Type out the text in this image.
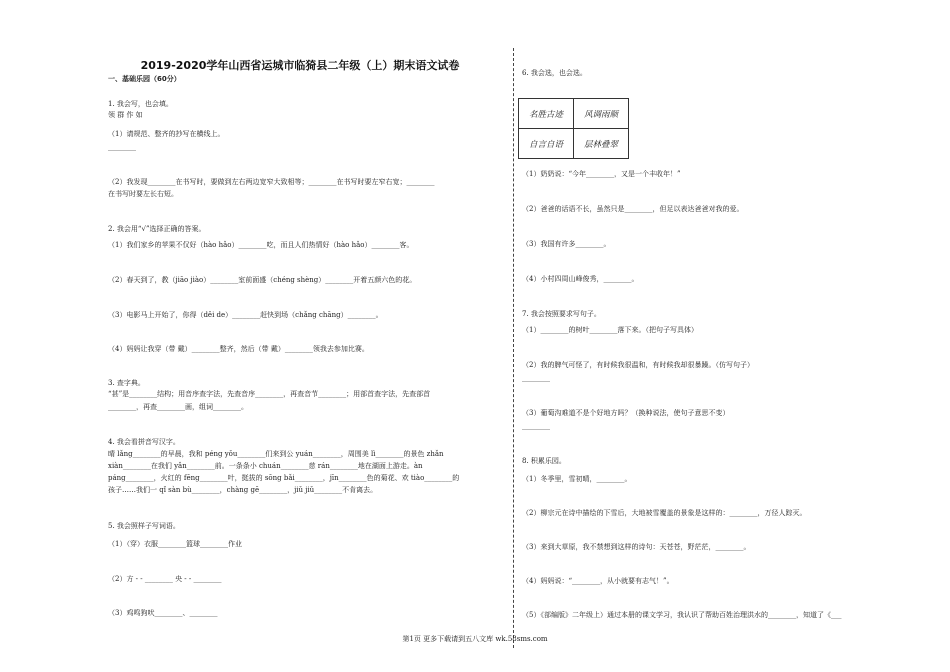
2019-2020学年山西省运城市临猗县二年级（上）期末语文试卷
一、基础乐园（60分）
1. 我会写，也会填。
领 群 作 如
（1）请规范、整齐的抄写在横线上。
________
（2）我发现________在书写时，要做到左右两边宽窄大致相等；________在书写时要左窄右宽；________
在书写时要左长右短。
2. 我会用“√”选择正确的答案。
（1）我们家乡的苹果不仅好（hào hǎo）________吃，而且人们热情好（hào hǎo）________客。
（2）春天到了，教（jiāo jiào）________室前面盛（chéng shèng）________开着五颜六色的花。
（3）电影马上开始了，你得（děi de）________赶快到场（chǎng chāng）________。
（4）妈妈让我穿（带 戴）________整齐，然后（带 戴）________领我去参加比赛。
3. 查字典。
“甚”是________结构；用音序查字法，先查音序________，再查音节________；用部首查字法，先查部首
________，再查________画，组词________。
4. 我会看拼音写汉字。
晴 lǎng________的早晨，我和 péng yǒu________们来到公 yuán________，周围美 lì________的景色 zhǎn
xiàn________在我们 yǎn________前。一条条小 chuán________慈 rán________地在湖面上游走。àn
páng________，火红的 fēng________叶，挺拔的 sōng bǎi________，jīn________色的菊花、欢 tiào________的
孩子……我们一 qǐ sàn bù________，chàng gē________，jiǔ jiǔ________不肯离去。
5. 我会照样子写词语。
（1）（穿）衣服________篮球________作业
（2）方 - - ________ 央 - - ________
（3）鸡鸣狗吠________、________
6. 我会选，也会选。
（1）奶奶说：“今年________，又是一个丰收年！”
（2）爸爸的话语不长，虽然只是________，但足以表达爸爸对我的爱。
（3）我国有许多________。
（4）小村四周山峰俊秀，________。
7. 我会按照要求写句子。
（1）________的树叶________落下来。（把句子写具体）
（2）我的脾气可怪了，有时候我很温和，有时候我却很暴躁。（仿写句子）
________
（3）葡萄沟难道不是个好地方吗？（换种说法，使句子意思不变）
________
8. 积累乐园。
（1）冬季里，雪初晴，________。
（2）柳宗元在诗中描绘的下雪后，大地被雪覆盖的景象是这样的：________，万径人踪灭。
（3）来到大草原，我不禁想到这样的诗句：天苍苍，野茫茫，________。
（4）妈妈说：“________，从小就要有志气！”。
（5）《部编版》二年级上）通过本册的课文学习，我认识了帮助百姓治理洪水的________，知道了《___
名胜古迹	风调雨顺
自言自语	层林叠翠
第1页 更多下载请到五八文库 wk.58sms.com
